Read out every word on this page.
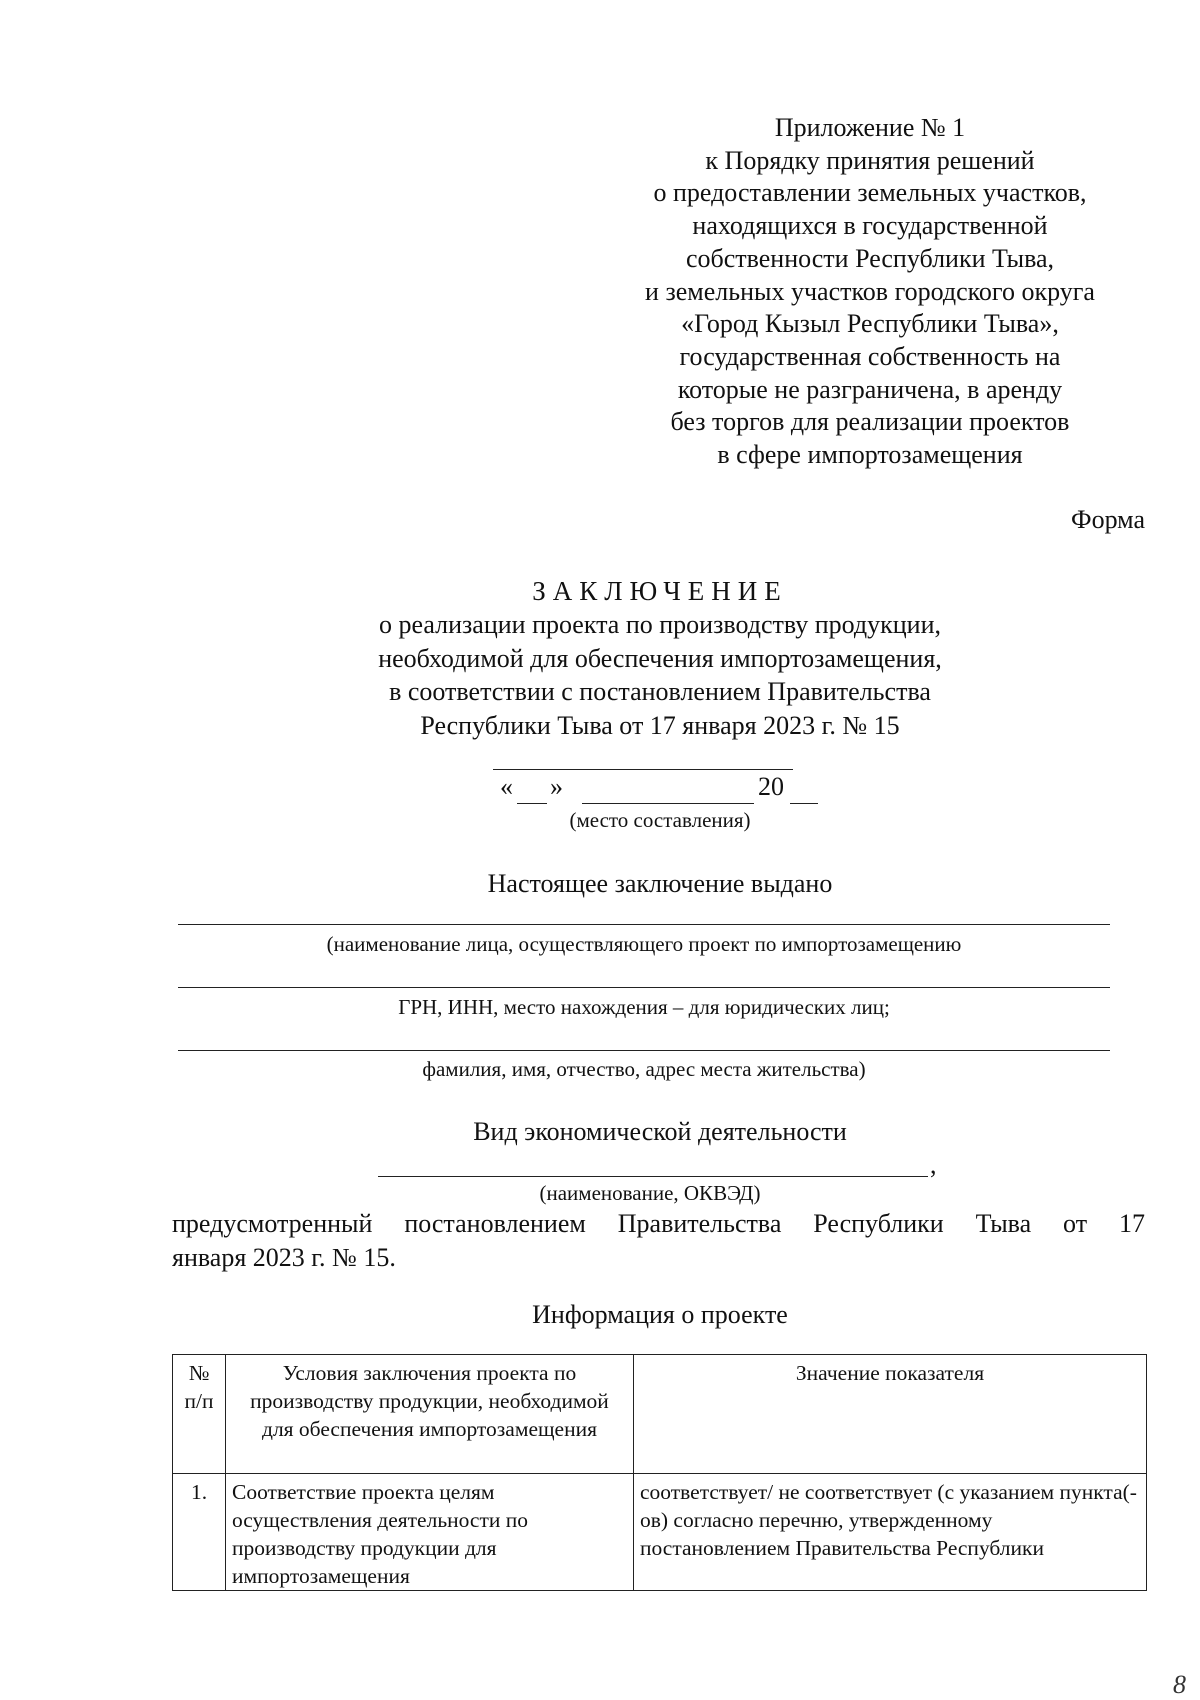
Приложение № 1
к Порядку принятия решений
о предоставлении земельных участков,
находящихся в государственной
собственности Республики Тыва,
и земельных участков городского округа
«Город Кызыл Республики Тыва»,
государственная собственность на
которые не разграничена, в аренду
без торгов для реализации проектов
в сфере импортозамещения
Форма
ЗАКЛЮЧЕНИЕ
о реализации проекта по производству продукции,
необходимой для обеспечения импортозамещения,
в соответствии с постановлением Правительства
Республики Тыва от 17 января 2023 г. № 15
« »	20
(место составления)
Настоящее заключение выдано
(наименование лица, осуществляющего проект по импортозамещению
ГРН, ИНН, место нахождения – для юридических лиц;
фамилия, имя, отчество, адрес места жительства)
Вид экономической деятельности
,
(наименование, ОКВЭД)
предусмотренный постановлением Правительства Республики Тыва от 17
января 2023 г. № 15.
Информация о проекте
№ п/п	Условия заключения проекта по производству продукции, необходимой для обеспечения импортозамещения	Значение показателя
1.	Соответствие проекта целям осуществления деятельности по производству продукции для импортозамещения	соответствует/ не соответствует (с указанием пункта(-ов) согласно перечню, утвержденному постановлением Правительства Республики
8
